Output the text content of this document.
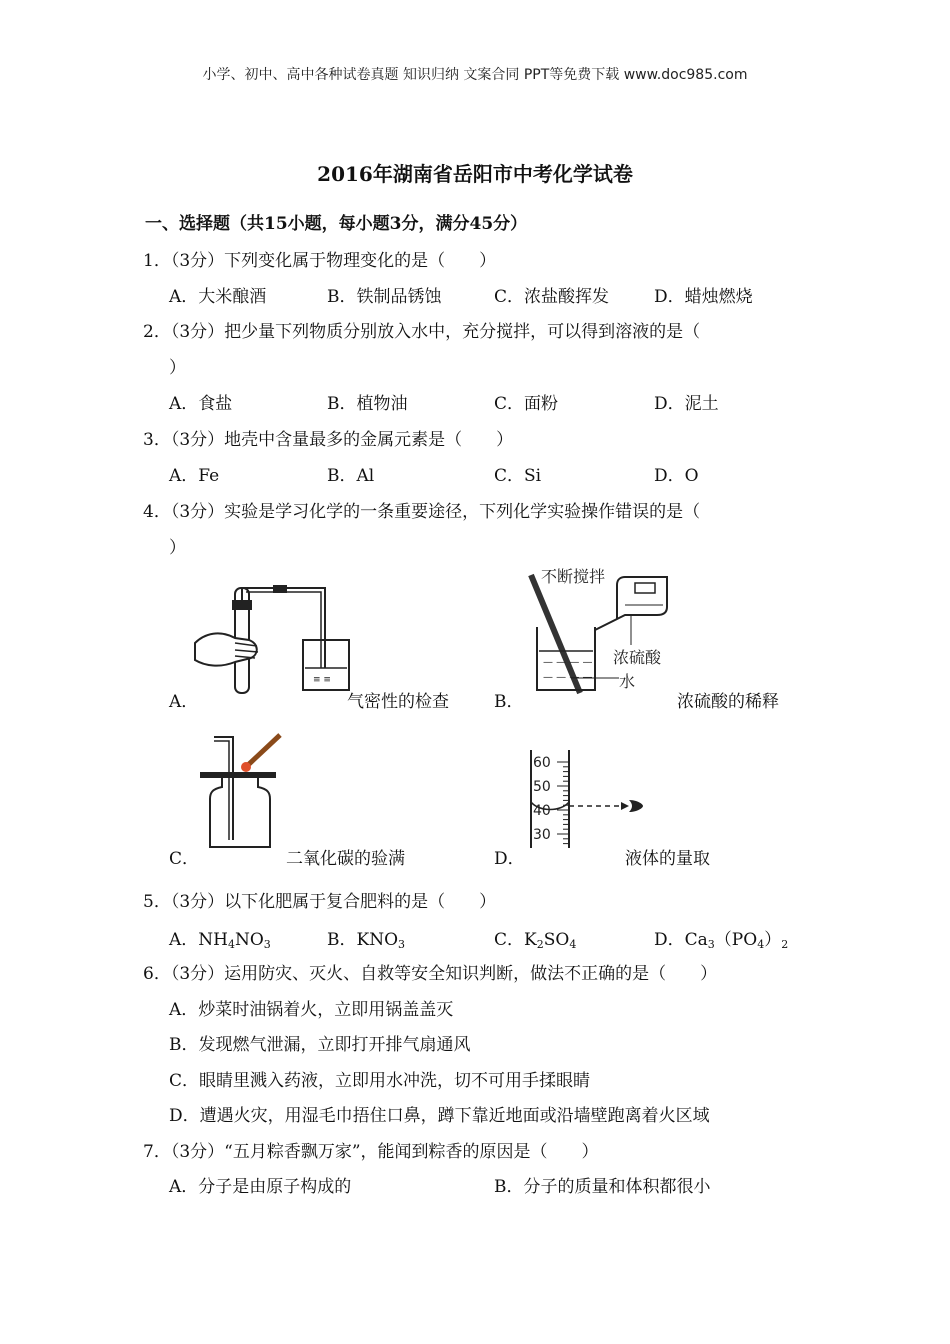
小学、初中、高中各种试卷真题 知识归纳 文案合同 PPT等免费下载 www.doc985.com
2016年湖南省岳阳市中考化学试卷
一、选择题（共15小题，每小题3分，满分45分）
1．（3分）下列变化属于物理变化的是（　　）
A．大米酿酒	B．铁制品锈蚀	C．浓盐酸挥发	D．蜡烛燃烧
2．（3分）把少量下列物质分别放入水中，充分搅拌，可以得到溶液的是（
）
A．食盐	B．植物油	C．面粉	D．泥土
3．（3分）地壳中含量最多的金属元素是（　　）
A．Fe	B．Al	C．Si	D．O
4．（3分）实验是学习化学的一条重要途径，下列化学实验操作错误的是（
）
≡ ≡
A．	气密性的检查
不断搅拌
— — — —
— — — —
浓硫酸
水
B．	浓硫酸的稀释
C．	二氧化碳的验满
60
50
40
30
D．	液体的量取
5．（3分）以下化肥属于复合肥料的是（　　）
A．$NH_4NO_3$	B．$KNO_3$	C．$K_2SO_4$	D．$Ca_3(PO_4)_2$
6．（3分）运用防灾、灭火、自救等安全知识判断，做法不正确的是（　　）
A．炒菜时油锅着火，立即用锅盖盖灭
B．发现燃气泄漏，立即打开排气扇通风
C．眼睛里溅入药液，立即用水冲洗，切不可用手揉眼睛
D．遭遇火灾，用湿毛巾捂住口鼻，蹲下靠近地面或沿墙壁跑离着火区域
7．（3分）“五月粽香飘万家”，能闻到粽香的原因是（　　）
A．分子是由原子构成的	B．分子的质量和体积都很小
